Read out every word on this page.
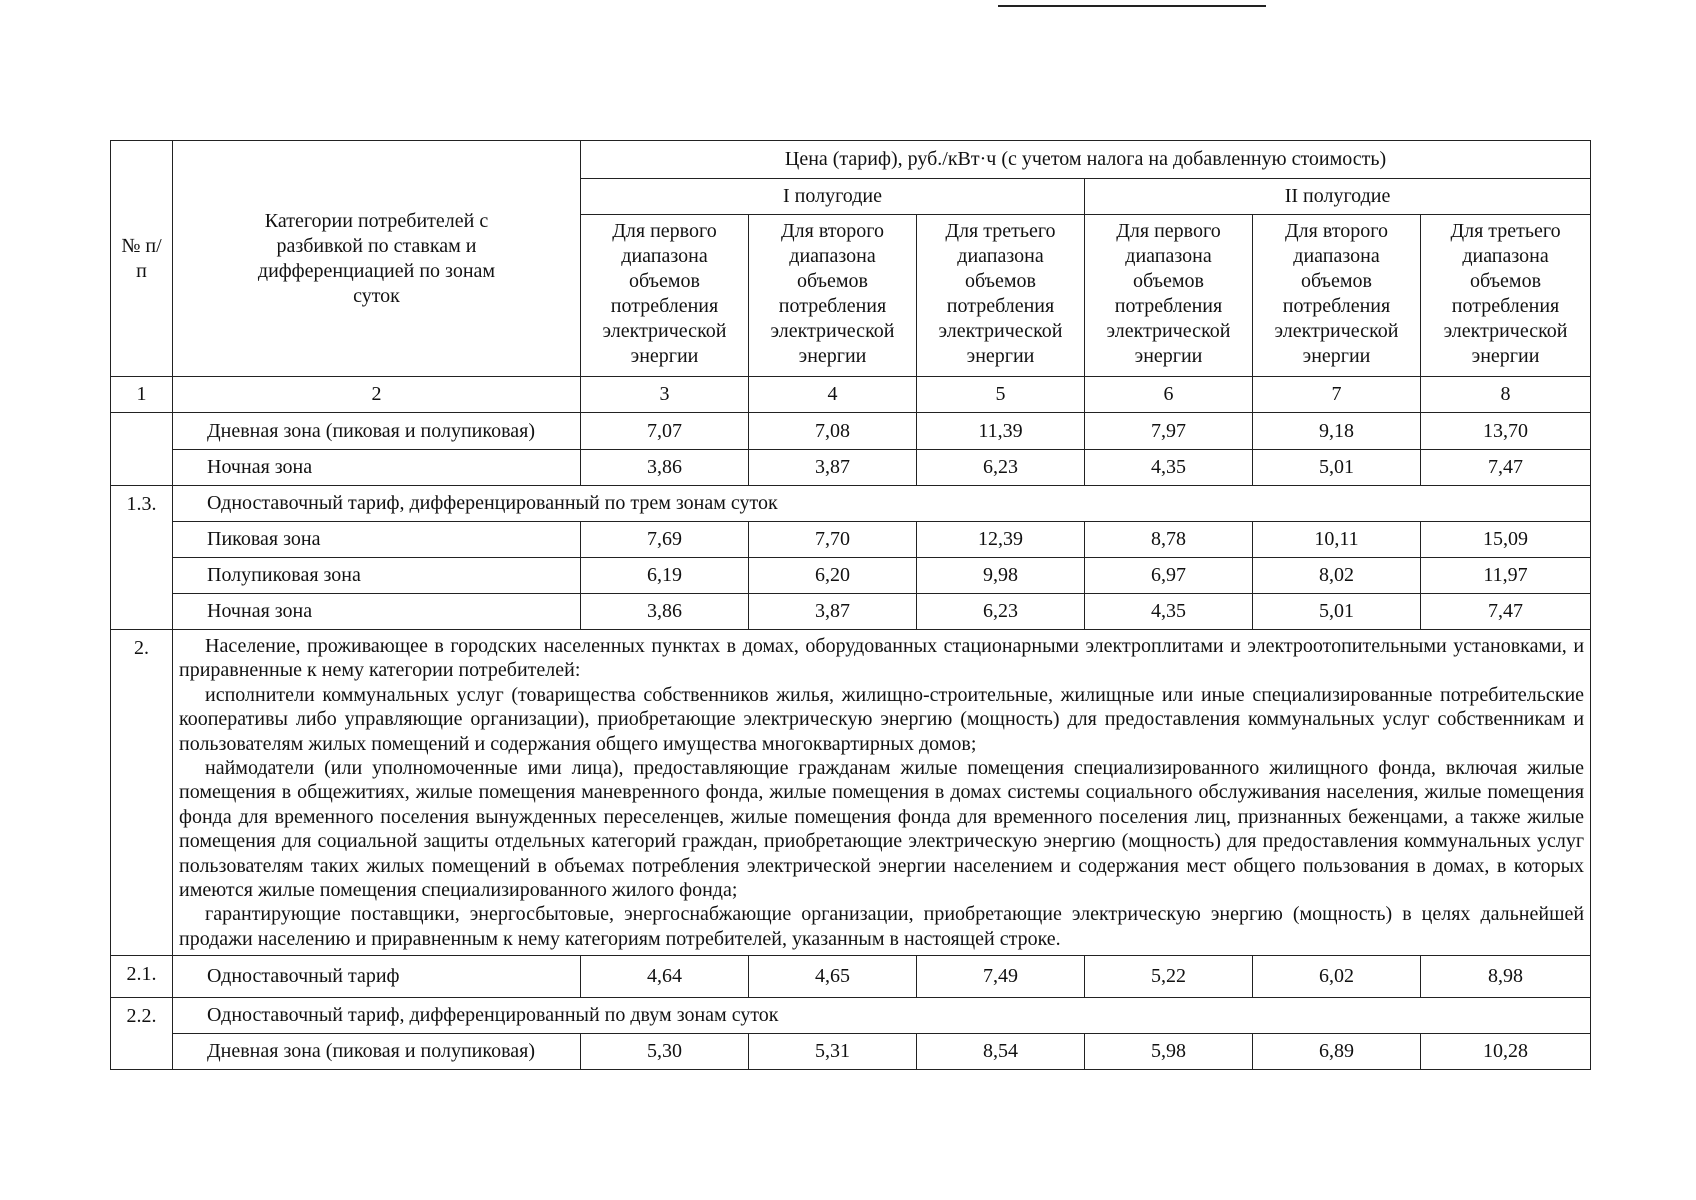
№ п/п	Категории потребителей с разбивкой по ставкам и дифференциацией по зонам суток	Цена (тариф), руб./кВт·ч (с учетом налога на добавленную стоимость)					
		I полугодие			II полугодие		
		Для первого диапазона объемов потребления электрической энергии	Для второго диапазона объемов потребления электрической энергии	Для третьего диапазона объемов потребления электрической энергии	Для первого диапазона объемов потребления электрической энергии	Для второго диапазона объемов потребления электрической энергии	Для третьего диапазона объемов потребления электрической энергии
1	2	3	4	5	6	7	8
	Дневная зона (пиковая и полупиковая)	7,07	7,08	11,39	7,97	9,18	13,70
	Ночная зона	3,86	3,87	6,23	4,35	5,01	7,47
1.3.	Одноставочный тариф, дифференцированный по трем зонам суток						
	Пиковая зона	7,69	7,70	12,39	8,78	10,11	15,09
	Полупиковая зона	6,19	6,20	9,98	6,97	8,02	11,97
	Ночная зона	3,86	3,87	6,23	4,35	5,01	7,47
2.	Население, проживающее в городских населенных пунктах в домах, оборудованных стационарными электроплитами и электроотопительными установками, и приравненные к нему категории потребителей:

исполнители коммунальных услуг (товарищества собственников жилья, жилищно-строительные, жилищные или иные специализированные потребительские кооперативы либо управляющие организации), приобретающие электрическую энергию (мощность) для предоставления коммунальных услуг собственникам и пользователям жилых помещений и содержания общего имущества многоквартирных домов;

наймодатели (или уполномоченные ими лица), предоставляющие гражданам жилые помещения специализированного жилищного фонда, включая жилые помещения в общежитиях, жилые помещения маневренного фонда, жилые помещения в домах системы социального обслуживания населения, жилые помещения фонда для временного поселения вынужденных переселенцев, жилые помещения фонда для временного поселения лиц, признанных беженцами, а также жилые помещения для социальной защиты отдельных категорий граждан, приобретающие электрическую энергию (мощность) для предоставления коммунальных услуг пользователям таких жилых помещений в объемах потребления электрической энергии населением и содержания мест общего пользования в домах, в которых имеются жилые помещения специализированного жилого фонда;

гарантирующие поставщики, энергосбытовые, энергоснабжающие организации, приобретающие электрическую энергию (мощность) в целях дальнейшей продажи населению и приравненным к нему категориям потребителей, указанным в настоящей строке.						

2.1.	Одноставочный тариф	4,64	4,65	7,49	5,22	6,02	8,98
2.2.	Одноставочный тариф, дифференцированный по двум зонам суток						
	Дневная зона (пиковая и полупиковая)	5,30	5,31	8,54	5,98	6,89	10,28
